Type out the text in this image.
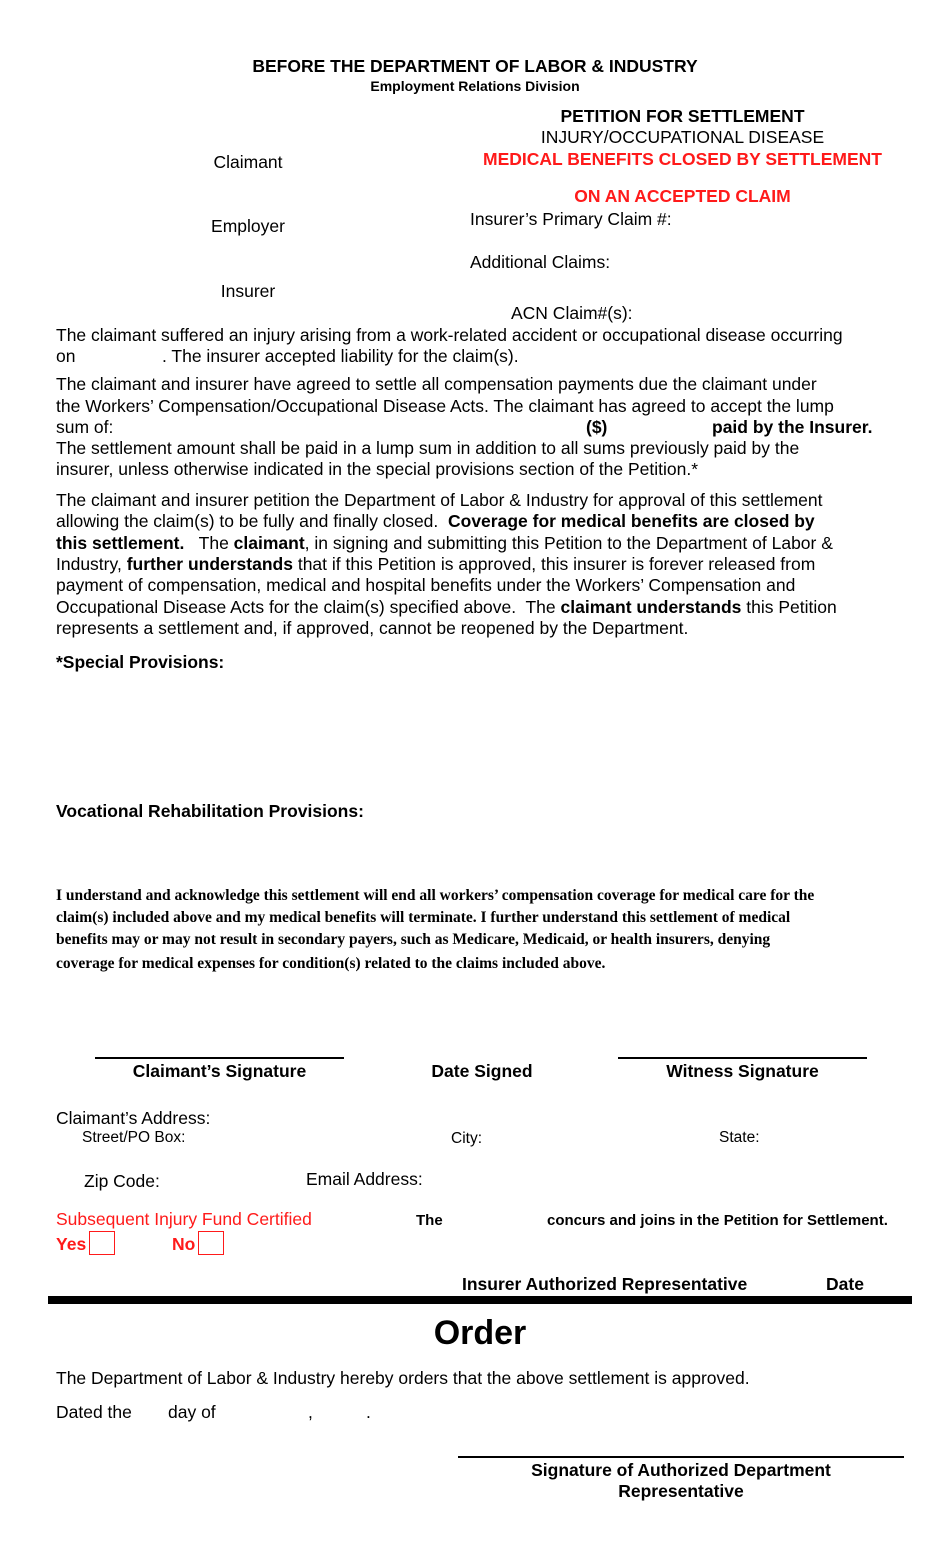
BEFORE THE DEPARTMENT OF LABOR & INDUSTRY
Employment Relations Division
PETITION FOR SETTLEMENT
INJURY/OCCUPATIONAL DISEASE
MEDICAL BENEFITS CLOSED BY SETTLEMENT
ON AN ACCEPTED CLAIM
Claimant
Employer
Insurer
Insurer’s Primary Claim #:
Additional Claims:
ACN Claim#(s):
The claimant suffered an injury arising from a work-related accident or occupational disease occurring
on	. The insurer accepted liability for the claim(s).
The claimant and insurer have agreed to settle all compensation payments due the claimant under
the Workers’ Compensation/Occupational Disease Acts. The claimant has agreed to accept the lump
sum of:	($)	paid by the Insurer.
The settlement amount shall be paid in a lump sum in addition to all sums previously paid by the
insurer, unless otherwise indicated in the special provisions section of the Petition.*
The claimant and insurer petition the Department of Labor & Industry for approval of this settlement
allowing the claim(s) to be fully and finally closed.  Coverage for medical benefits are closed by
this settlement.   The claimant, in signing and submitting this Petition to the Department of Labor &
Industry, further understands that if this Petition is approved, this insurer is forever released from
payment of compensation, medical and hospital benefits under the Workers’ Compensation and
Occupational Disease Acts for the claim(s) specified above.  The claimant understands this Petition
represents a settlement and, if approved, cannot be reopened by the Department.
*Special Provisions:
Vocational Rehabilitation Provisions:
I understand and acknowledge this settlement will end all workers’ compensation coverage for medical care for the
claim(s) included above and my medical benefits will terminate. I further understand this settlement of medical
benefits may or may not result in secondary payers, such as Medicare, Medicaid, or health insurers, denying
coverage for medical expenses for condition(s) related to the claims included above.
Claimant’s Signature	Date Signed	Witness Signature
Claimant’s Address:
Street/PO Box:	City:	State:
Zip Code:	Email Address:
Subsequent Injury Fund Certified
Yes	No
The	concurs and joins in the Petition for Settlement.
Insurer Authorized Representative	Date
Order
The Department of Labor & Industry hereby orders that the above settlement is approved.
Dated the day of	,	.
Signature of Authorized Department
Representative
